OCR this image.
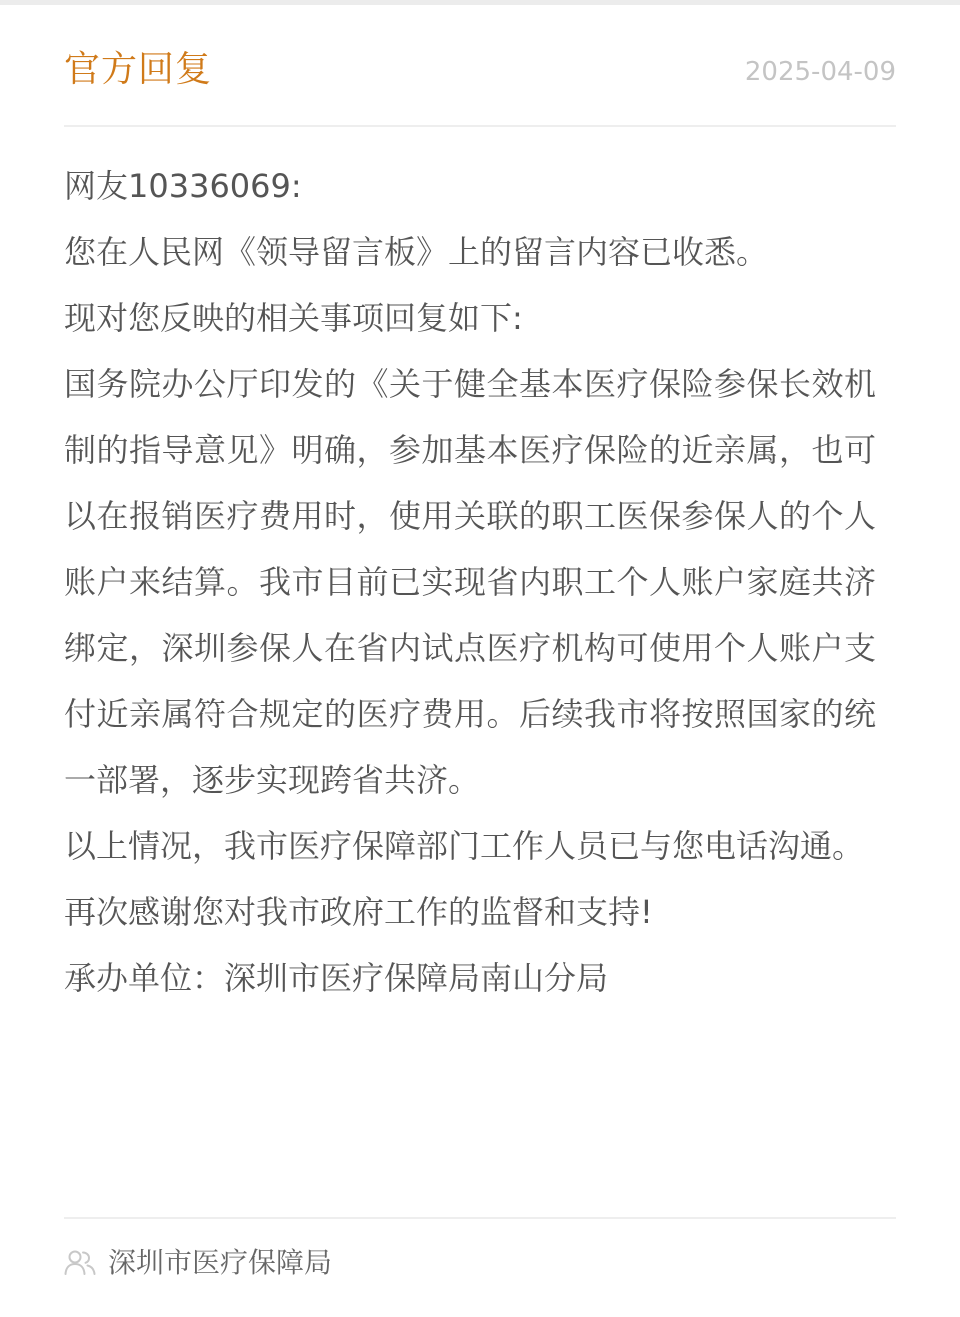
官方回复	2025-04-09
网友10336069:
您在人民网《领导留言板》上的留言内容已收悉。
现对您反映的相关事项回复如下:
国务院办公厅印发的《关于健全基本医疗保险参保长效机制的指导意见》明确，参加基本医疗保险的近亲属，也可以在报销医疗费用时，使用关联的职工医保参保人的个人账户来结算。我市目前已实现省内职工个人账户家庭共济绑定，深圳参保人在省内试点医疗机构可使用个人账户支付近亲属符合规定的医疗费用。后续我市将按照国家的统一部署，逐步实现跨省共济。
以上情况，我市医疗保障部门工作人员已与您电话沟通。
再次感谢您对我市政府工作的监督和支持!
承办单位：深圳市医疗保障局南山分局
深圳市医疗保障局
